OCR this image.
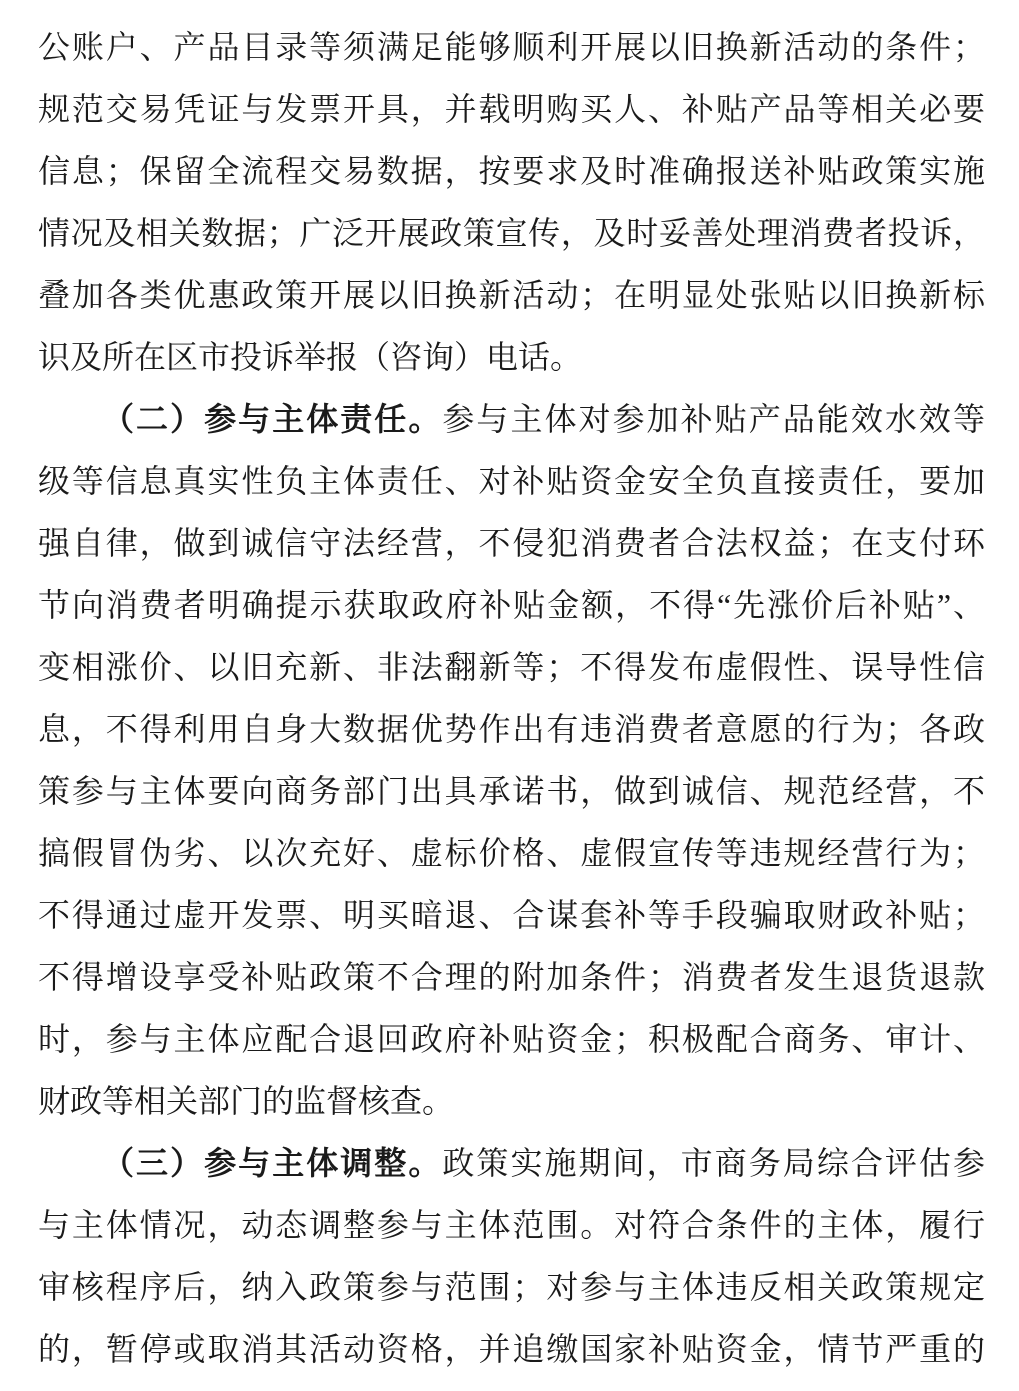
公账户、产品目录等须满足能够顺利开展以旧换新活动的条件；
规范交易凭证与发票开具，并载明购买人、补贴产品等相关必要
信息；保留全流程交易数据，按要求及时准确报送补贴政策实施
情况及相关数据；广泛开展政策宣传，及时妥善处理消费者投诉，
叠加各类优惠政策开展以旧换新活动；在明显处张贴以旧换新标
识及所在区市投诉举报（咨询）电话。
（二）参与主体责任。参与主体对参加补贴产品能效水效等
级等信息真实性负主体责任、对补贴资金安全负直接责任，要加
强自律，做到诚信守法经营，不侵犯消费者合法权益；在支付环
节向消费者明确提示获取政府补贴金额，不得“先涨价后补贴”、
变相涨价、以旧充新、非法翻新等；不得发布虚假性、误导性信
息，不得利用自身大数据优势作出有违消费者意愿的行为；各政
策参与主体要向商务部门出具承诺书，做到诚信、规范经营，不
搞假冒伪劣、以次充好、虚标价格、虚假宣传等违规经营行为；
不得通过虚开发票、明买暗退、合谋套补等手段骗取财政补贴；
不得增设享受补贴政策不合理的附加条件；消费者发生退货退款
时，参与主体应配合退回政府补贴资金；积极配合商务、审计、
财政等相关部门的监督核查。
（三）参与主体调整。政策实施期间，市商务局综合评估参
与主体情况，动态调整参与主体范围。对符合条件的主体，履行
审核程序后，纳入政策参与范围；对参与主体违反相关政策规定
的，暂停或取消其活动资格，并追缴国家补贴资金，情节严重的
